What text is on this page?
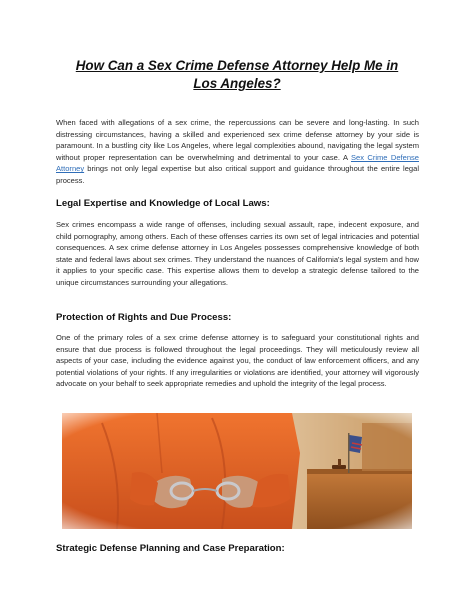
How Can a Sex Crime Defense Attorney Help Me in Los Angeles?

When faced with allegations of a sex crime, the repercussions can be severe and long-lasting. In such distressing circumstances, having a skilled and experienced sex crime defense attorney by your side is paramount. In a bustling city like Los Angeles, where legal complexities abound, navigating the legal system without proper representation can be overwhelming and detrimental to your case. A Sex Crime Defense Attorney brings not only legal expertise but also critical support and guidance throughout the entire legal process.

Legal Expertise and Knowledge of Local Laws:

Sex crimes encompass a wide range of offenses, including sexual assault, rape, indecent exposure, and child pornography, among others. Each of these offenses carries its own set of legal intricacies and potential consequences. A sex crime defense attorney in Los Angeles possesses comprehensive knowledge of both state and federal laws about sex crimes. They understand the nuances of California's legal system and how it applies to your specific case. This expertise allows them to develop a strategic defense tailored to the unique circumstances surrounding your allegations.

Protection of Rights and Due Process:

One of the primary roles of a sex crime defense attorney is to safeguard your constitutional rights and ensure that due process is followed throughout the legal proceedings. They will meticulously review all aspects of your case, including the evidence against you, the conduct of law enforcement officers, and any potential violations of your rights. If any irregularities or violations are identified, your attorney will vigorously advocate on your behalf to seek appropriate remedies and uphold the integrity of the legal process.

Strategic Defense Planning and Case Preparation:
